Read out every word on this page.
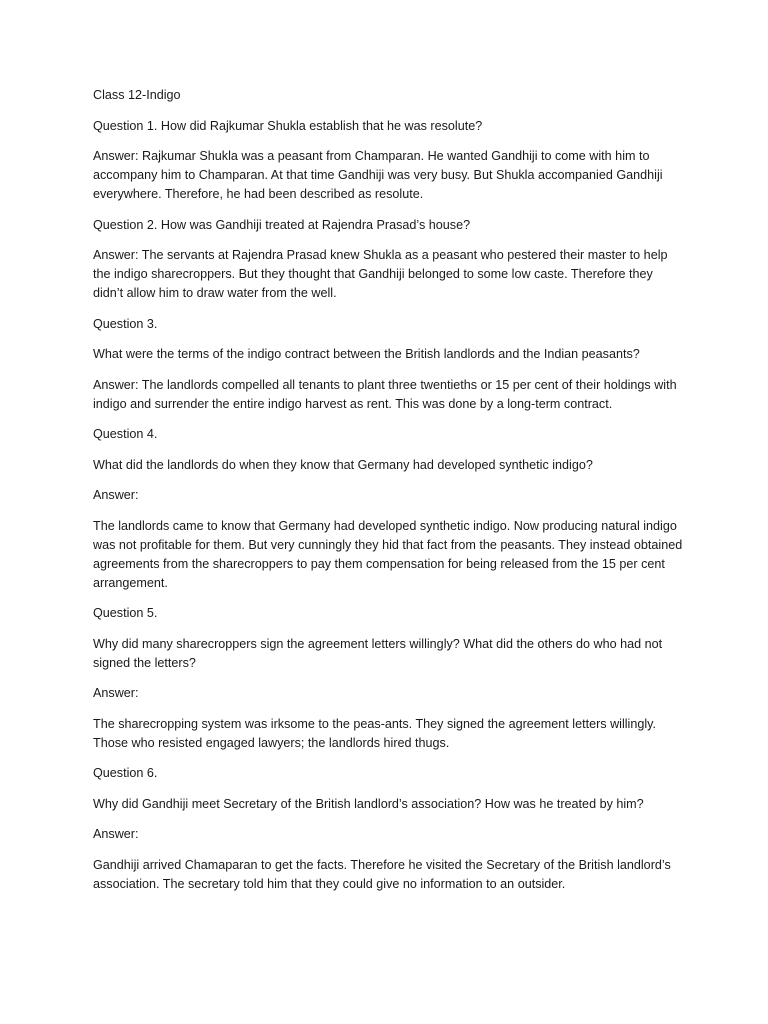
Class 12-Indigo

Question 1. How did Rajkumar Shukla establish that he was resolute?

Answer: Rajkumar Shukla was a peasant from Champaran. He wanted Gandhiji to come with him to accompany him to Champaran. At that time Gandhiji was very busy. But Shukla accompanied Gandhiji everywhere. Therefore, he had been described as resolute.

Question 2. How was Gandhiji treated at Rajendra Prasad’s house?

Answer: The servants at Rajendra Prasad knew Shukla as a peasant who pestered their master to help the indigo sharecroppers. But they thought that Gandhiji belonged to some low caste. Therefore they didn’t allow him to draw water from the well.

Question 3.

What were the terms of the indigo contract between the British landlords and the Indian peasants?

Answer: The landlords compelled all tenants to plant three twentieths or 15 per cent of their holdings with indigo and surrender the entire indigo harvest as rent. This was done by a long-term contract.

Question 4.

What did the landlords do when they know that Germany had developed synthetic indigo?

Answer:

The landlords came to know that Germany had developed synthetic indigo. Now producing natural indigo was not profitable for them. But very cunningly they hid that fact from the peasants. They instead obtained agreements from the sharecroppers to pay them compensation for being released from the 15 per cent arrangement.

Question 5.

Why did many sharecroppers sign the agreement letters willingly? What did the others do who had not signed the letters?

Answer:

The sharecropping system was irksome to the peas-ants. They signed the agreement letters willingly. Those who resisted engaged lawyers; the landlords hired thugs.

Question 6.

Why did Gandhiji meet Secretary of the British landlord’s association? How was he treated by him?

Answer:

Gandhiji arrived Chamaparan to get the facts. Therefore he visited the Secretary of the British landlord’s association. The secretary told him that they could give no information to an outsider.
